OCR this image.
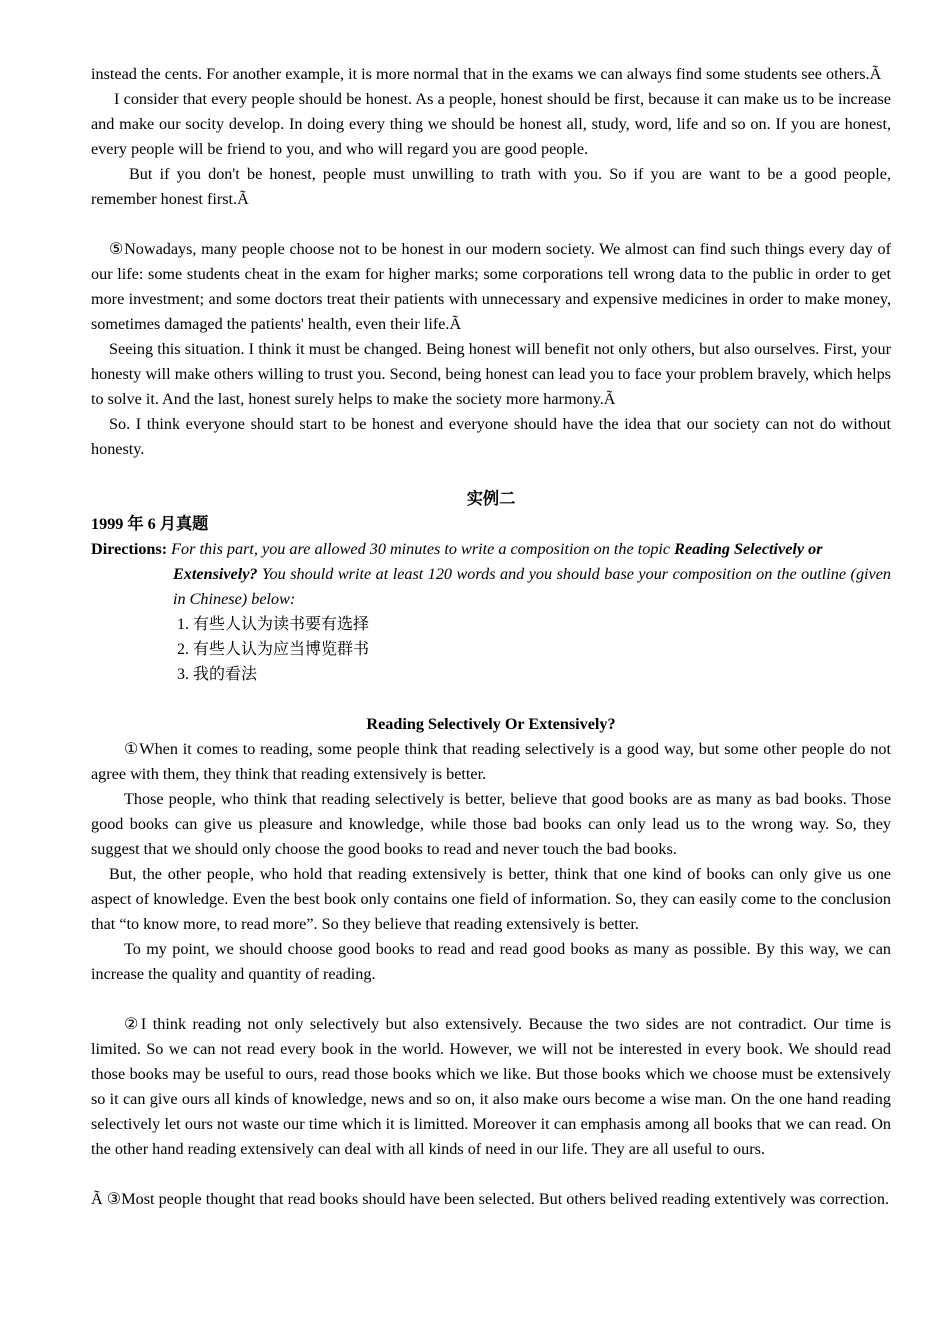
instead the cents. For another example, it is more normal that in the exams we can always find some students see others.Ã

I consider that every people should be honest. As a people, honest should be first, because it can make us to be increase and make our socity develop. In doing every thing we should be honest all, study, word, life and so on. If you are honest, every people will be friend to you, and who will regard you are good people.

But if you don't be honest, people must unwilling to trath with you. So if you are want to be a good people, remember honest first.Ã

⑤Nowadays, many people choose not to be honest in our modern society. We almost can find such things every day of our life: some students cheat in the exam for higher marks; some corporations tell wrong data to the public in order to get more investment; and some doctors treat their patients with unnecessary and expensive medicines in order to make money, sometimes damaged the patients' health, even their life.Ã

Seeing this situation. I think it must be changed. Being honest will benefit not only others, but also ourselves. First, your honesty will make others willing to trust you. Second, being honest can lead you to face your problem bravely, which helps to solve it. And the last, honest surely helps to make the society more harmony.Ã

So. I think everyone should start to be honest and everyone should have the idea that our society can not do without honesty.

实例二

1999 年 6 月真题

Directions: For this part, you are allowed 30 minutes to write a composition on the topic Reading Selectively or
Extensively? You should write at least 120 words and you should base your composition on the outline (given in Chinese) below:

1. 有些人认为读书要有选择
2. 有些人认为应当博览群书
3. 我的看法

Reading Selectively Or Extensively?

①When it comes to reading, some people think that reading selectively is a good way, but some other people do not agree with them, they think that reading extensively is better.

Those people, who think that reading selectively is better, believe that good books are as many as bad books. Those good books can give us pleasure and knowledge, while those bad books can only lead us to the wrong way. So, they suggest that we should only choose the good books to read and never touch the bad books.

But, the other people, who hold that reading extensively is better, think that one kind of books can only give us one aspect of knowledge. Even the best book only contains one field of information. So, they can easily come to the conclusion that “to know more, to read more”. So they believe that reading extensively is better.

To my point, we should choose good books to read and read good books as many as possible. By this way, we can increase the quality and quantity of reading.

②I think reading not only selectively but also extensively. Because the two sides are not contradict. Our time is limited. So we can not read every book in the world. However, we will not be interested in every book. We should read those books may be useful to ours, read those books which we like. But those books which we choose must be extensively so it can give ours all kinds of knowledge, news and so on, it also make ours become a wise man. On the one hand reading selectively let ours not waste our time which it is limitted. Moreover it can emphasis among all books that we can read. On the other hand reading extensively can deal with all kinds of need in our life. They are all useful to ours.

Ã ③Most people thought that read books should have been selected. But others belived reading extentively was correction.
